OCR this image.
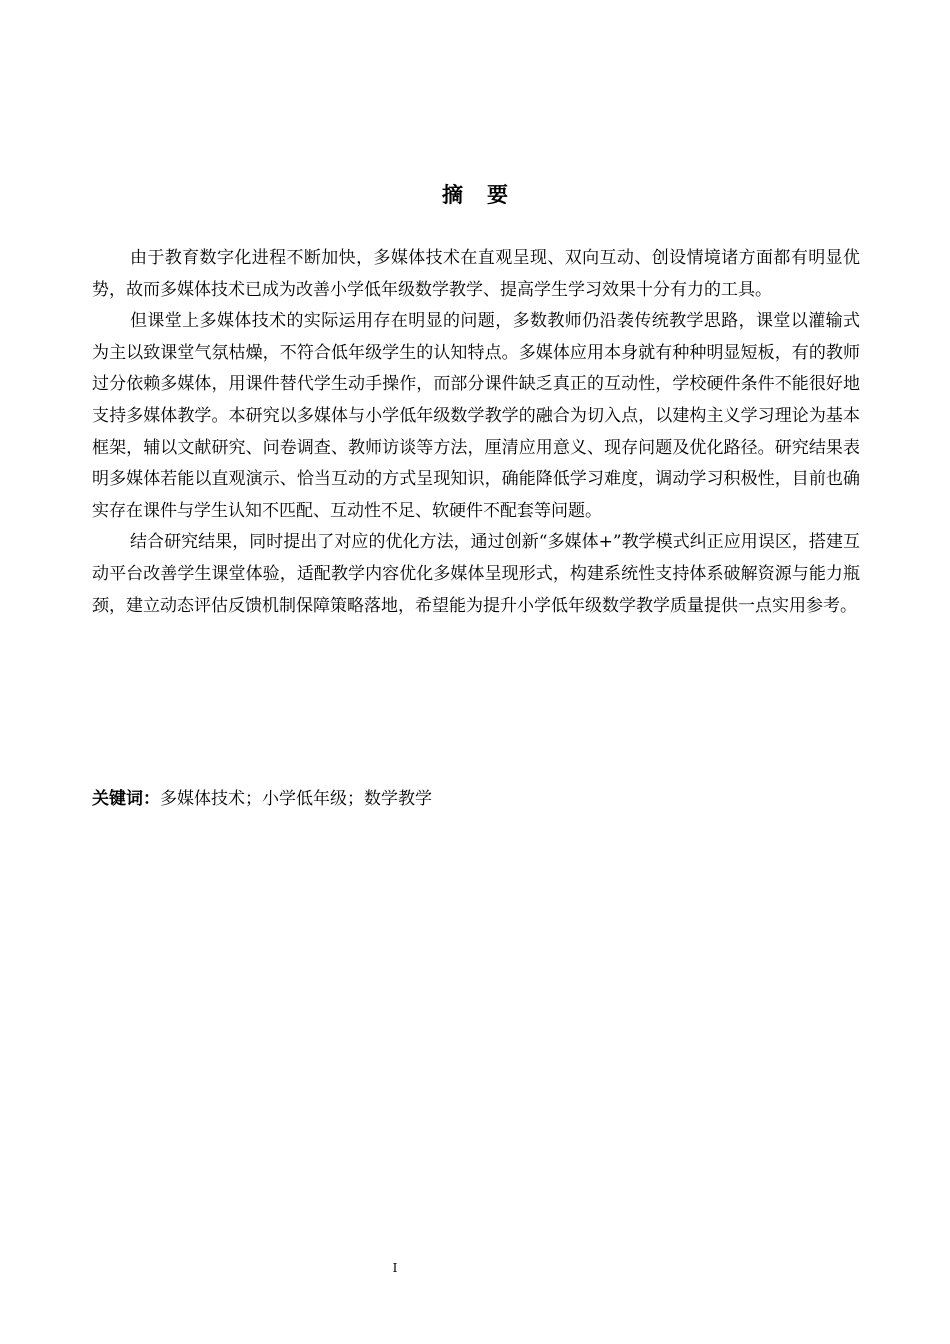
摘要

由于教育数字化进程不断加快，多媒体技术在直观呈现、双向互动、创设情境诸方面都有明显优势，故而多媒体技术已成为改善小学低年级数学教学、提高学生学习效果十分有力的工具。

但课堂上多媒体技术的实际运用存在明显的问题，多数教师仍沿袭传统教学思路，课堂以灌输式为主以致课堂气氛枯燥，不符合低年级学生的认知特点。多媒体应用本身就有种种明显短板，有的教师过分依赖多媒体，用课件替代学生动手操作，而部分课件缺乏真正的互动性，学校硬件条件不能很好地支持多媒体教学。本研究以多媒体与小学低年级数学教学的融合为切入点，以建构主义学习理论为基本框架，辅以文献研究、问卷调查、教师访谈等方法，厘清应用意义、现存问题及优化路径。研究结果表明多媒体若能以直观演示、恰当互动的方式呈现知识，确能降低学习难度，调动学习积极性，目前也确实存在课件与学生认知不匹配、互动性不足、软硬件不配套等问题。

结合研究结果，同时提出了对应的优化方法，通过创新“多媒体+”教学模式纠正应用误区，搭建互动平台改善学生课堂体验，适配教学内容优化多媒体呈现形式，构建系统性支持体系破解资源与能力瓶颈，建立动态评估反馈机制保障策略落地，希望能为提升小学低年级数学教学质量提供一点实用参考。

关键词：多媒体技术；小学低年级；数学教学
I
